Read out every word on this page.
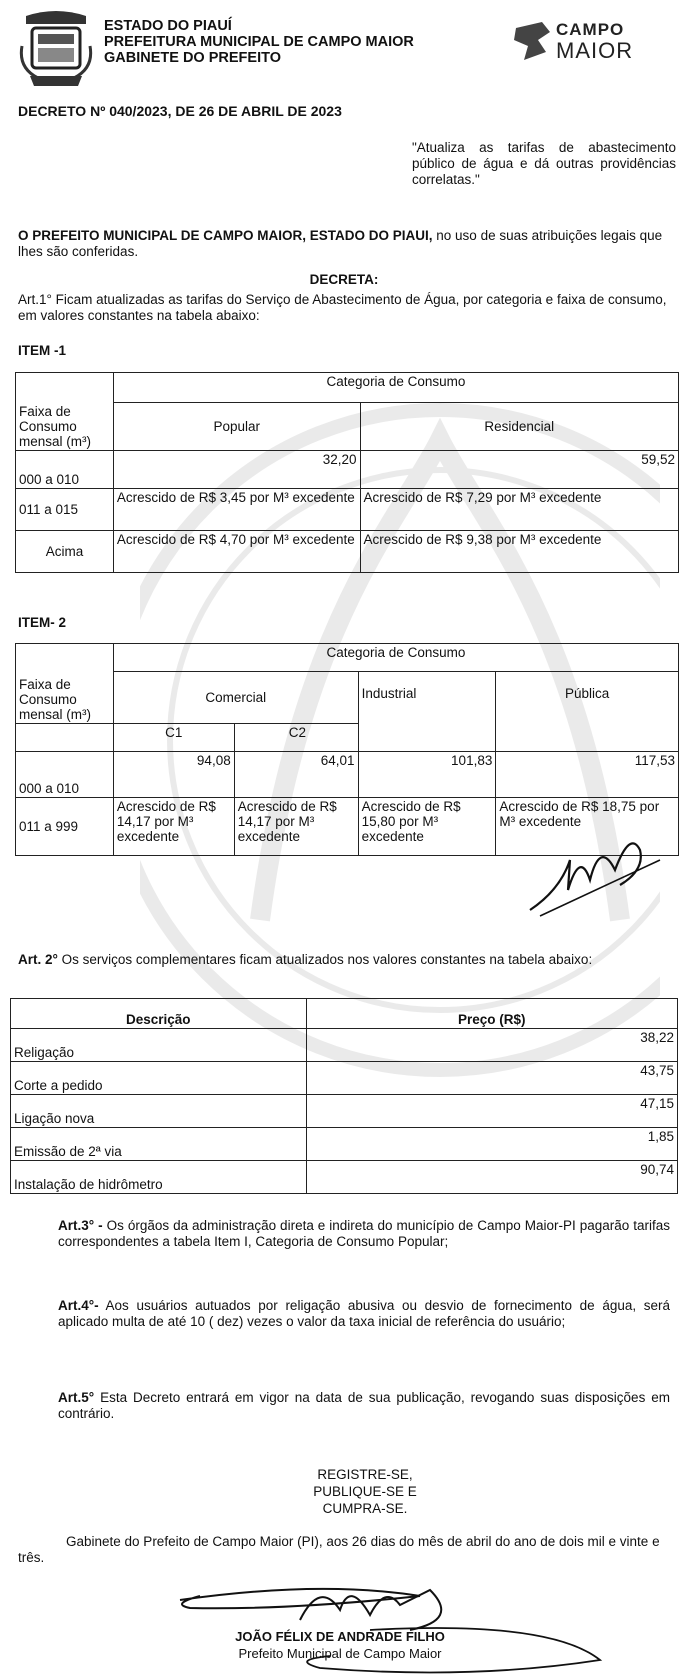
ESTADO DO PIAUÍ
PREFEITURA MUNICIPAL DE CAMPO MAIOR
GABINETE DO PREFEITO
CAMPO
MAIOR
DECRETO Nº 040/2023, DE 26 DE ABRIL DE 2023
"Atualiza as tarifas de abastecimento público de água e dá outras providências correlatas."
O PREFEITO MUNICIPAL DE CAMPO MAIOR, ESTADO DO PIAUI, no uso de suas atribuições legais que lhes são conferidas.
DECRETA:
Art.1° Ficam atualizadas as tarifas do Serviço de Abastecimento de Água, por categoria e faixa de consumo, em valores constantes na tabela abaixo:
ITEM -1
Faixa de Consumo mensal (m³)	Categoria de Consumo	
	Popular	Residencial
000 a 010	32,20	59,52
011 a 015	Acrescido de R$ 3,45 por M³ excedente	Acrescido de R$ 7,29 por M³ excedente
Acima	Acrescido de R$ 4,70 por M³ excedente	Acrescido de R$ 9,38 por M³ excedente
ITEM- 2
Faixa de Consumo mensal (m³)	Categoria de Consumo			
	Comercial		Industrial	Pública
	C1	C2		
000 a 010	94,08	64,01	101,83	117,53
011 a 999	Acrescido de R$ 14,17 por M³ excedente	Acrescido de R$ 14,17 por M³ excedente	Acrescido de R$ 15,80 por M³ excedente	Acrescido de R$ 18,75 por M³ excedente
Art. 2° Os serviços complementares ficam atualizados nos valores constantes na tabela abaixo:
Descrição	Preço (R$)
Religação	38,22
Corte a pedido	43,75
Ligação nova	47,15
Emissão de 2ª via	1,85
Instalação de hidrômetro	90,74
Art.3° - Os órgãos da administração direta e indireta do município de Campo Maior-PI pagarão tarifas correspondentes a tabela Item I, Categoria de Consumo Popular;
Art.4°- Aos usuários autuados por religação abusiva ou desvio de fornecimento de água, será aplicado multa de até 10 ( dez) vezes o valor da taxa inicial de referência do usuário;
Art.5° Esta Decreto entrará em vigor na data de sua publicação, revogando suas disposições em contrário.
REGISTRE-SE,
PUBLIQUE-SE E
CUMPRA-SE.
Gabinete do Prefeito de Campo Maior (PI), aos 26 dias do mês de abril do ano de dois mil e vinte e três.
JOÃO FÉLIX DE ANDRADE FILHO
Prefeito Municipal de Campo Maior
